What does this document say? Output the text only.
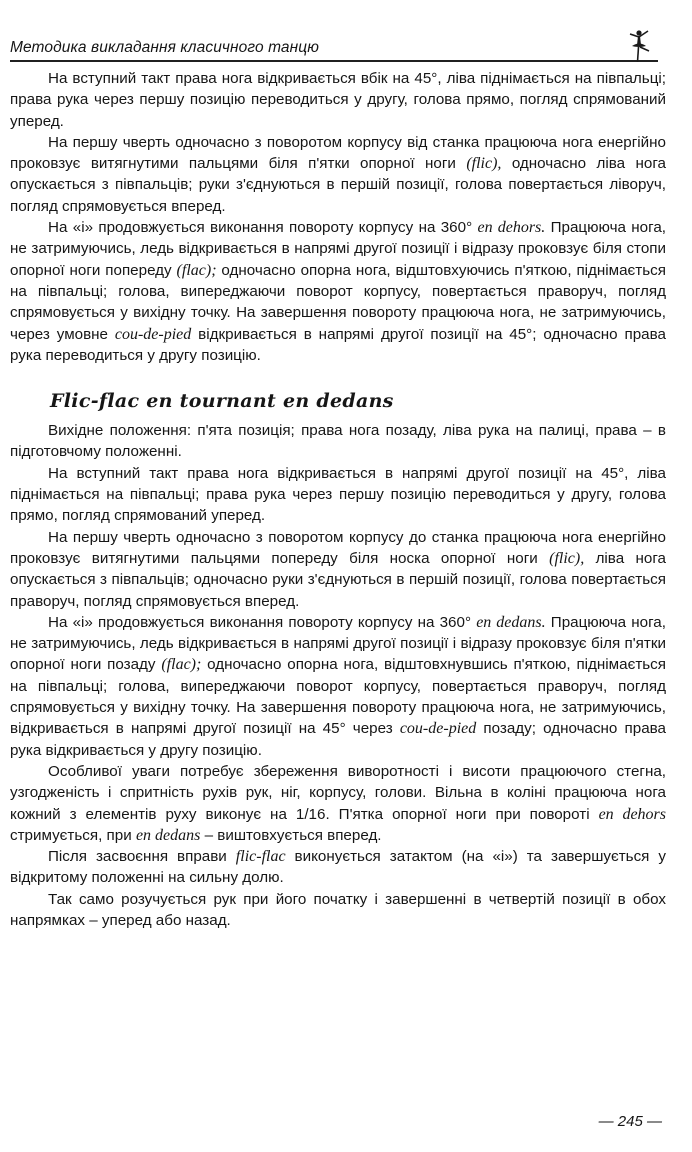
Методика викладання класичного танцю

На вступний такт права нога відкривається вбік на 45°, ліва піднімається на півпальці; права рука через першу позицію переводиться у другу, голова прямо, погляд спрямований уперед.

На першу чверть одночасно з поворотом корпусу від станка працююча нога енергійно проковзує витягнутими пальцями біля п'ятки опорної ноги (flic), одночасно ліва нога опускається з півпальців; руки з'єднуються в першій позиції, голова повертається ліворуч, погляд спрямовується вперед.

На «і» продовжується виконання повороту корпусу на 360° en dehors. Працююча нога, не затримуючись, ледь відкривається в напрямі другої позиції і відразу проковзує біля стопи опорної ноги попереду (flac); одночасно опорна нога, відштовхуючись п'яткою, піднімається на півпальці; голова, випереджаючи поворот корпусу, повертається праворуч, погляд спрямовується у вихідну точку. На завершення повороту працююча нога, не затримуючись, через умовне cou-de-pied відкривається в напрямі другої позиції на 45°; одночасно права рука переводиться у другу позицію.

Flic-flac en tournant en dedans

Вихідне положення: п'ята позиція; права нога позаду, ліва рука на палиці, права – в підготовчому положенні.

На вступний такт права нога відкривається в напрямі другої позиції на 45°, ліва піднімається на півпальці; права рука через першу позицію переводиться у другу, голова прямо, погляд спрямований уперед.

На першу чверть одночасно з поворотом корпусу до станка працююча нога енергійно проковзує витягнутими пальцями попереду біля носка опорної ноги (flic), ліва нога опускається з півпальців; одночасно руки з'єднуються в першій позиції, голова повертається праворуч, погляд спрямовується вперед.

На «і» продовжується виконання повороту корпусу на 360° en dedans. Працююча нога, не затримуючись, ледь відкривається в напрямі другої позиції і відразу проковзує біля п'ятки опорної ноги позаду (flac); одночасно опорна нога, відштовхнувшись п'яткою, піднімається на півпальці; голова, випереджаючи поворот корпусу, повертається праворуч, погляд спрямовується у вихідну точку. На завершення повороту працююча нога, не затримуючись, відкривається в напрямі другої позиції на 45° через cou-de-pied позаду; одночасно права рука відкривається у другу позицію.

Особливої уваги потребує збереження виворотності і висоти працюючого стегна, узгодженість і спритність рухів рук, ніг, корпусу, голови. Вільна в коліні працююча нога кожний з елементів руху виконує на 1/16. П'ятка опорної ноги при повороті en dehors стримується, при en dedans – виштовхується вперед.

Після засвоєння вправи flic-flac виконується затактом (на «і») та завершується у відкритому положенні на сильну долю.

Так само розучується рук при його початку і завершенні в четвертій позиції в обох напрямках – уперед або назад.

— 245 —
